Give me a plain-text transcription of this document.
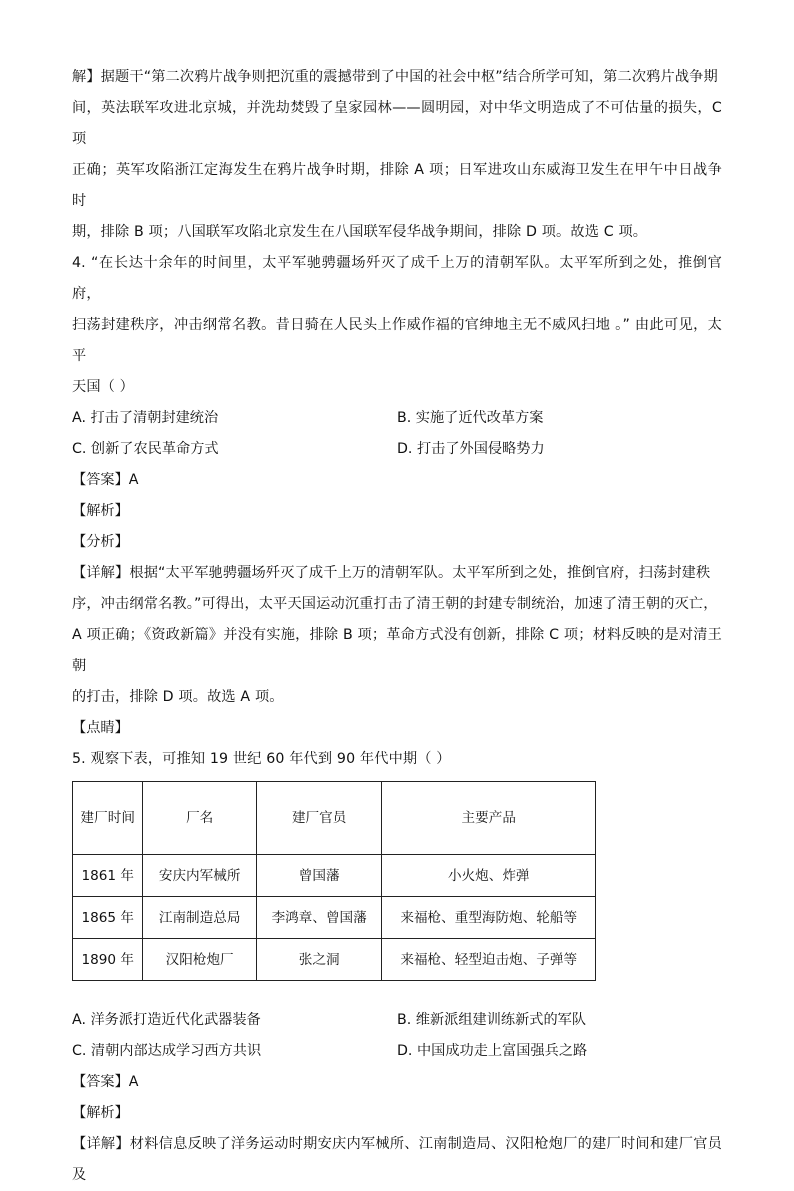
解】据题干“第二次鸦片战争则把沉重的震撼带到了中国的社会中枢”结合所学可知，第二次鸦片战争期

间，英法联军攻进北京城，并洗劫焚毁了皇家园林——圆明园，对中华文明造成了不可估量的损失，C 项

正确；英军攻陷浙江定海发生在鸦片战争时期，排除 A 项；日军进攻山东威海卫发生在甲午中日战争时

期，排除 B 项；八国联军攻陷北京发生在八国联军侵华战争期间，排除 D 项。故选 C 项。

4. “在长达十余年的时间里，太平军驰骋疆场歼灭了成千上万的清朝军队。太平军所到之处，推倒官府，

扫荡封建秩序，冲击纲常名教。昔日骑在人民头上作威作福的官绅地主无不威风扫地 。” 由此可见，太平

天国（ ）

A. 打击了清朝封建统治	B. 实施了近代改革方案
C. 创新了农民革命方式	D. 打击了外国侵略势力

【答案】A

【解析】

【分析】

【详解】根据“太平军驰骋疆场歼灭了成千上万的清朝军队。太平军所到之处，推倒官府，扫荡封建秩

序，冲击纲常名教。”可得出，太平天国运动沉重打击了清王朝的封建专制统治，加速了清王朝的灭亡，

A 项正确；《资政新篇》并没有实施，排除 B 项；革命方式没有创新，排除 C 项；材料反映的是对清王朝

的打击，排除 D 项。故选 A 项。

【点睛】

5. 观察下表，可推知 19 世纪 60 年代到 90 年代中期（ ）

建厂时间	厂名	建厂官员	主要产品
1861 年	安庆内军械所	曾国藩	小火炮、炸弹
1865 年	江南制造总局	李鸿章、曾国藩	来福枪、重型海防炮、轮船等
1890 年	汉阳枪炮厂	张之洞	来福枪、轻型迫击炮、子弹等
A. 洋务派打造近代化武器装备	B. 维新派组建训练新式的军队
C. 清朝内部达成学习西方共识	D. 中国成功走上富国强兵之路

【答案】A

【解析】

【详解】材料信息反映了洋务运动时期安庆内军械所、江南制造局、汉阳枪炮厂的建厂时间和建厂官员及
